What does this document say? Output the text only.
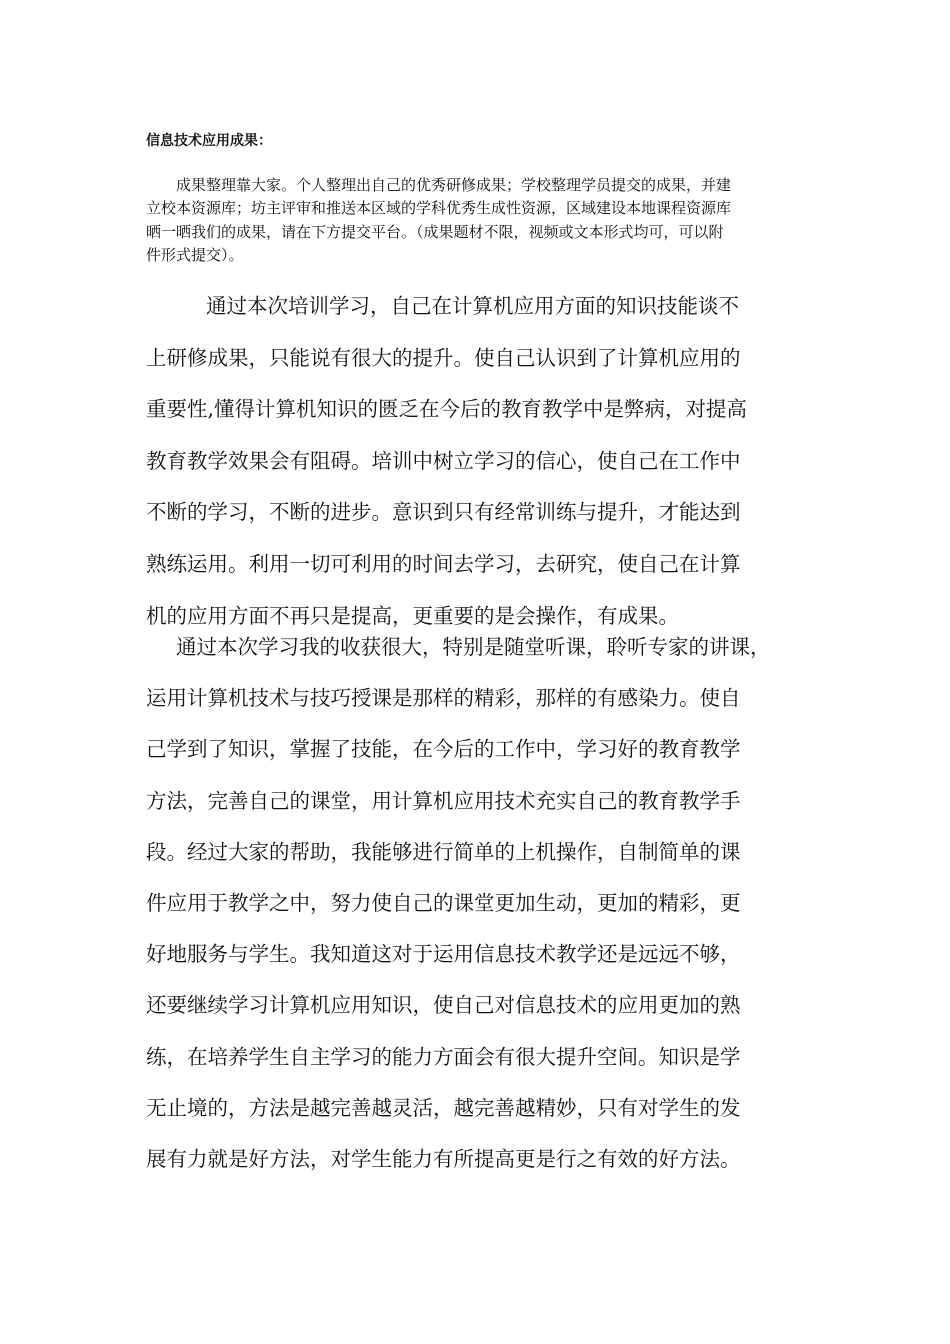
信息技术应用成果：
成果整理靠大家。个人整理出自己的优秀研修成果；学校整理学员提交的成果，并建
立校本资源库；坊主评审和推送本区域的学科优秀生成性资源，区域建设本地课程资源库
晒一晒我们的成果，请在下方提交平台。（成果题材不限，视频或文本形式均可，可以附
件形式提交）。
通过本次培训学习，自己在计算机应用方面的知识技能谈不
上研修成果，只能说有很大的提升。使自己认识到了计算机应用的
重要性,懂得计算机知识的匮乏在今后的教育教学中是弊病，对提高
教育教学效果会有阻碍。培训中树立学习的信心，使自己在工作中
不断的学习，不断的进步。意识到只有经常训练与提升，才能达到
熟练运用。利用一切可利用的时间去学习，去研究，使自己在计算
机的应用方面不再只是提高，更重要的是会操作，有成果。
通过本次学习我的收获很大，特别是随堂听课，聆听专家的讲课，
运用计算机技术与技巧授课是那样的精彩，那样的有感染力。使自
己学到了知识，掌握了技能，在今后的工作中，学习好的教育教学
方法，完善自己的课堂，用计算机应用技术充实自己的教育教学手
段。经过大家的帮助，我能够进行简单的上机操作，自制简单的课
件应用于教学之中，努力使自己的课堂更加生动，更加的精彩，更
好地服务与学生。我知道这对于运用信息技术教学还是远远不够，
还要继续学习计算机应用知识，使自己对信息技术的应用更加的熟
练，在培养学生自主学习的能力方面会有很大提升空间。知识是学
无止境的，方法是越完善越灵活，越完善越精妙，只有对学生的发
展有力就是好方法，对学生能力有所提高更是行之有效的好方法。
